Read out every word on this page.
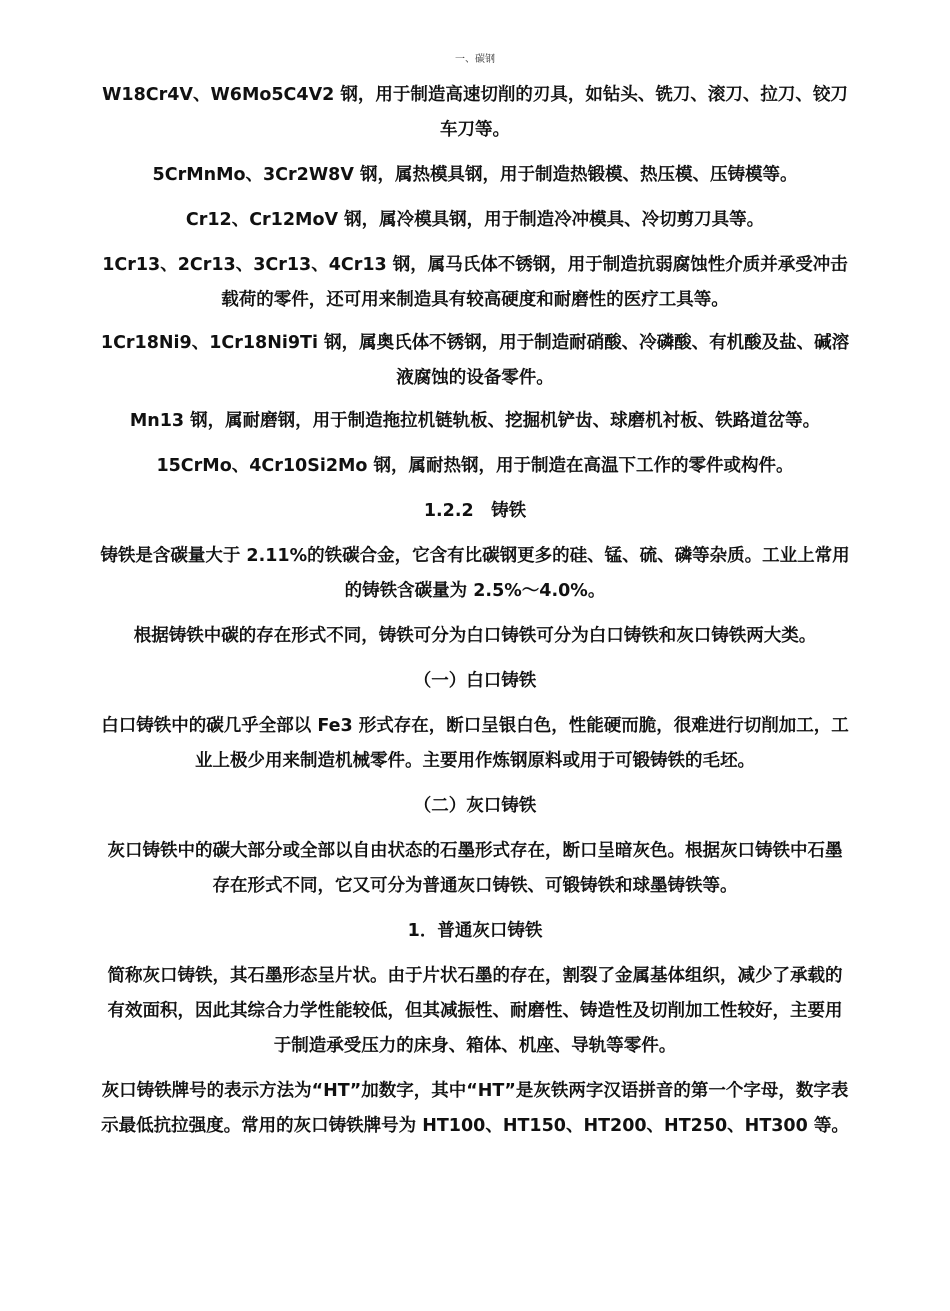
一、碳钢

W18Cr4V、W6Mo5C4V2 钢，用于制造高速切削的刃具，如钻头、铣刀、滚刀、拉刀、铰刀车刀等。

5CrMnMo、3Cr2W8V 钢，属热模具钢，用于制造热锻模、热压模、压铸模等。

Cr12、Cr12MoV 钢，属冷模具钢，用于制造冷冲模具、冷切剪刀具等。

1Cr13、2Cr13、3Cr13、4Cr13 钢，属马氏体不锈钢，用于制造抗弱腐蚀性介质并承受冲击载荷的零件，还可用来制造具有较高硬度和耐磨性的医疗工具等。

1Cr18Ni9、1Cr18Ni9Ti 钢，属奥氏体不锈钢，用于制造耐硝酸、冷磷酸、有机酸及盐、碱溶液腐蚀的设备零件。

Mn13 钢，属耐磨钢，用于制造拖拉机链轨板、挖掘机铲齿、球磨机衬板、铁路道岔等。

15CrMo、4Cr10Si2Mo 钢，属耐热钢，用于制造在高温下工作的零件或构件。

1.2.2　铸铁

铸铁是含碳量大于 2.11%的铁碳合金，它含有比碳钢更多的硅、锰、硫、磷等杂质。工业上常用的铸铁含碳量为 2.5%～4.0%。

根据铸铁中碳的存在形式不同，铸铁可分为白口铸铁可分为白口铸铁和灰口铸铁两大类。

（一）白口铸铁

白口铸铁中的碳几乎全部以 Fe3 形式存在，断口呈银白色，性能硬而脆，很难进行切削加工，工业上极少用来制造机械零件。主要用作炼钢原料或用于可锻铸铁的毛坯。

（二）灰口铸铁

灰口铸铁中的碳大部分或全部以自由状态的石墨形式存在，断口呈暗灰色。根据灰口铸铁中石墨存在形式不同，它又可分为普通灰口铸铁、可锻铸铁和球墨铸铁等。

1．普通灰口铸铁

简称灰口铸铁，其石墨形态呈片状。由于片状石墨的存在，割裂了金属基体组织，减少了承载的有效面积，因此其综合力学性能较低，但其减振性、耐磨性、铸造性及切削加工性较好，主要用于制造承受压力的床身、箱体、机座、导轨等零件。

灰口铸铁牌号的表示方法为“HT”加数字，其中“HT”是灰铁两字汉语拼音的第一个字母，数字表示最低抗拉强度。常用的灰口铸铁牌号为 HT100、HT150、HT200、HT250、HT300 等。
